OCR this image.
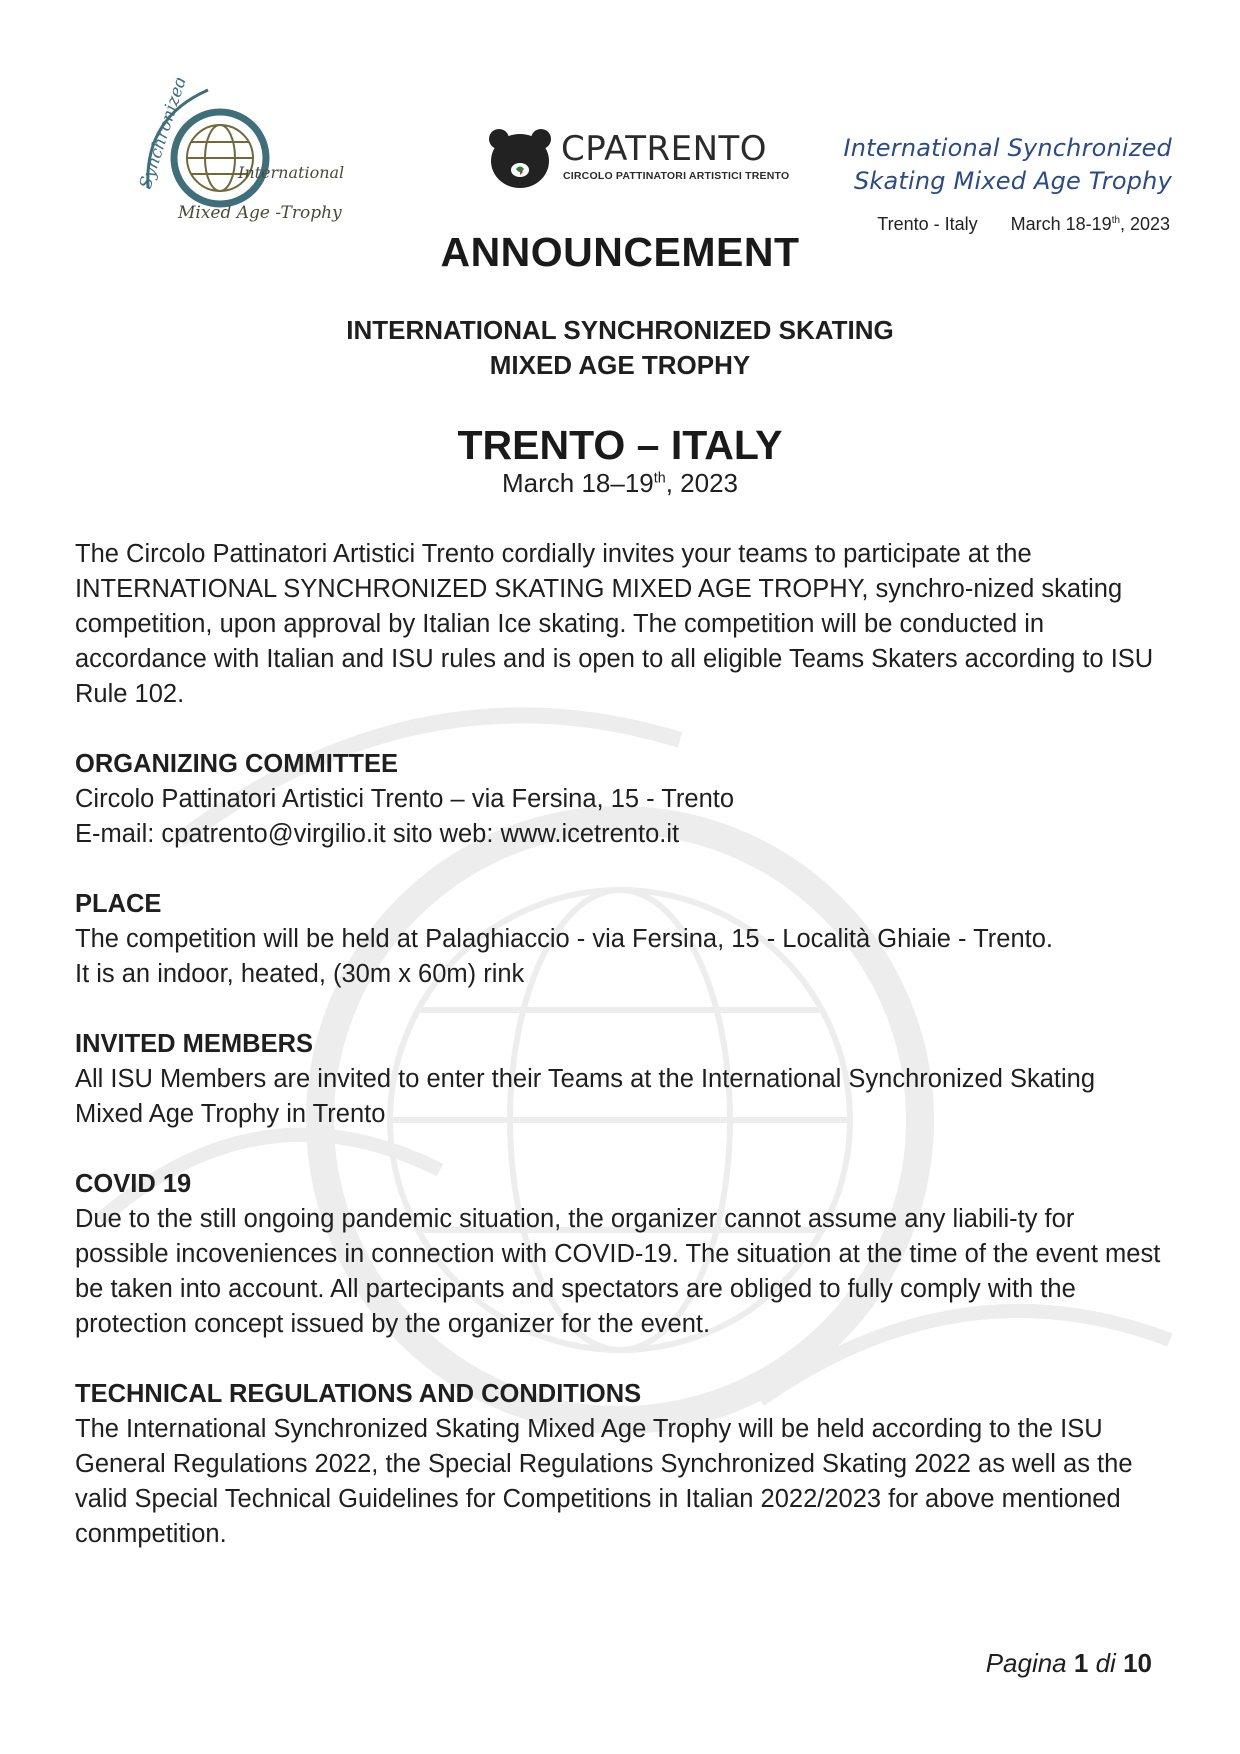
Synchronized Skating International
Mixed Age -Trophy
CPATRENTO
CIRCOLO PATTINATORI ARTISTICI TRENTO
International Synchronized
Skating Mixed Age Trophy
Trento - Italy March 18-19th, 2023
ANNOUNCEMENT
INTERNATIONAL SYNCHRONIZED SKATING
MIXED AGE TROPHY
TRENTO – ITALY
March 18–19th, 2023

The Circolo Pattinatori Artistici Trento cordially invites your teams to participate at the INTERNATIONAL SYNCHRONIZED SKATING MIXED AGE TROPHY, synchro-nized skating competition, upon approval by Italian Ice skating. The competition will be conducted in accordance with Italian and ISU rules and is open to all eligible Teams Skaters according to ISU Rule 102.

ORGANIZING COMMITTEE
Circolo Pattinatori Artistici Trento – via Fersina, 15 - Trento
E-mail: cpatrento@virgilio.it sito web: www.icetrento.it
PLACE
The competition will be held at Palaghiaccio - via Fersina, 15 - Località Ghiaie - Trento.
It is an indoor, heated, (30m x 60m) rink
INVITED MEMBERS

All ISU Members are invited to enter their Teams at the International Synchronized Skating Mixed Age Trophy in Trento

COVID 19

Due to the still ongoing pandemic situation, the organizer cannot assume any liabili-ty for possible incoveniences in connection with COVID-19. The situation at the time of the event mest be taken into account. All partecipants and spectators are obliged to fully comply with the protection concept issued by the organizer for the event.

TECHNICAL REGULATIONS AND CONDITIONS

The International Synchronized Skating Mixed Age Trophy will be held according to the ISU General Regulations 2022, the Special Regulations Synchronized Skating 2022 as well as the valid Special Technical Guidelines for Competitions in Italian 2022/2023 for above mentioned conmpetition.

Pagina 1 di 10
